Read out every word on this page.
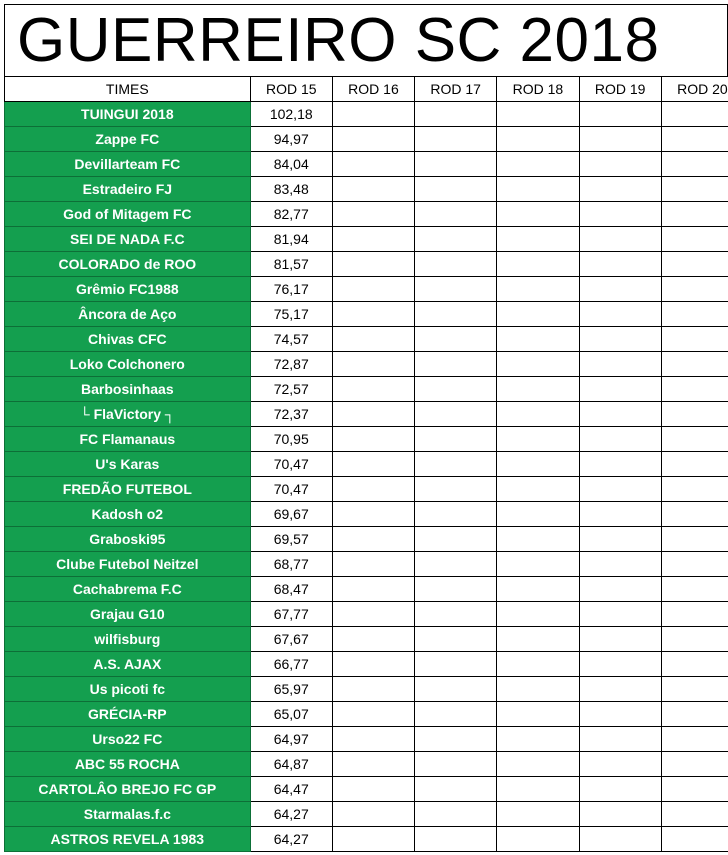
GUERREIRO SC 2018
TIMES	ROD 15	ROD 16	ROD 17	ROD 18	ROD 19	ROD 20
TUINGUI 2018	102,18					
Zappe FC	94,97					
Devillarteam FC	84,04					
Estradeiro FJ	83,48					
God of Mitagem FC	82,77					
SEI DE NADA F.C	81,94					
COLORADO de ROO	81,57					
Grêmio FC1988	76,17					
Âncora de Aço	75,17					
Chivas CFC	74,57					
Loko Colchonero	72,87					
Barbosinhaas	72,57					
└ FlaVictory ┐	72,37					
FC Flamanaus	70,95					
U's Karas	70,47					
FREDÃO FUTEBOL	70,47					
Kadosh o2	69,67					
Graboski95	69,57					
Clube Futebol Neitzel	68,77					
Cachabrema F.C	68,47					
Grajau G10	67,77					
wilfisburg	67,67					
A.S. AJAX	66,77					
Us picoti fc	65,97					
GRÉCIA-RP	65,07					
Urso22 FC	64,97					
ABC 55 ROCHA	64,87					
CARTOLÂO BREJO FC GP	64,47					
Starmalas.f.c	64,27					
ASTROS REVELA 1983	64,27					
